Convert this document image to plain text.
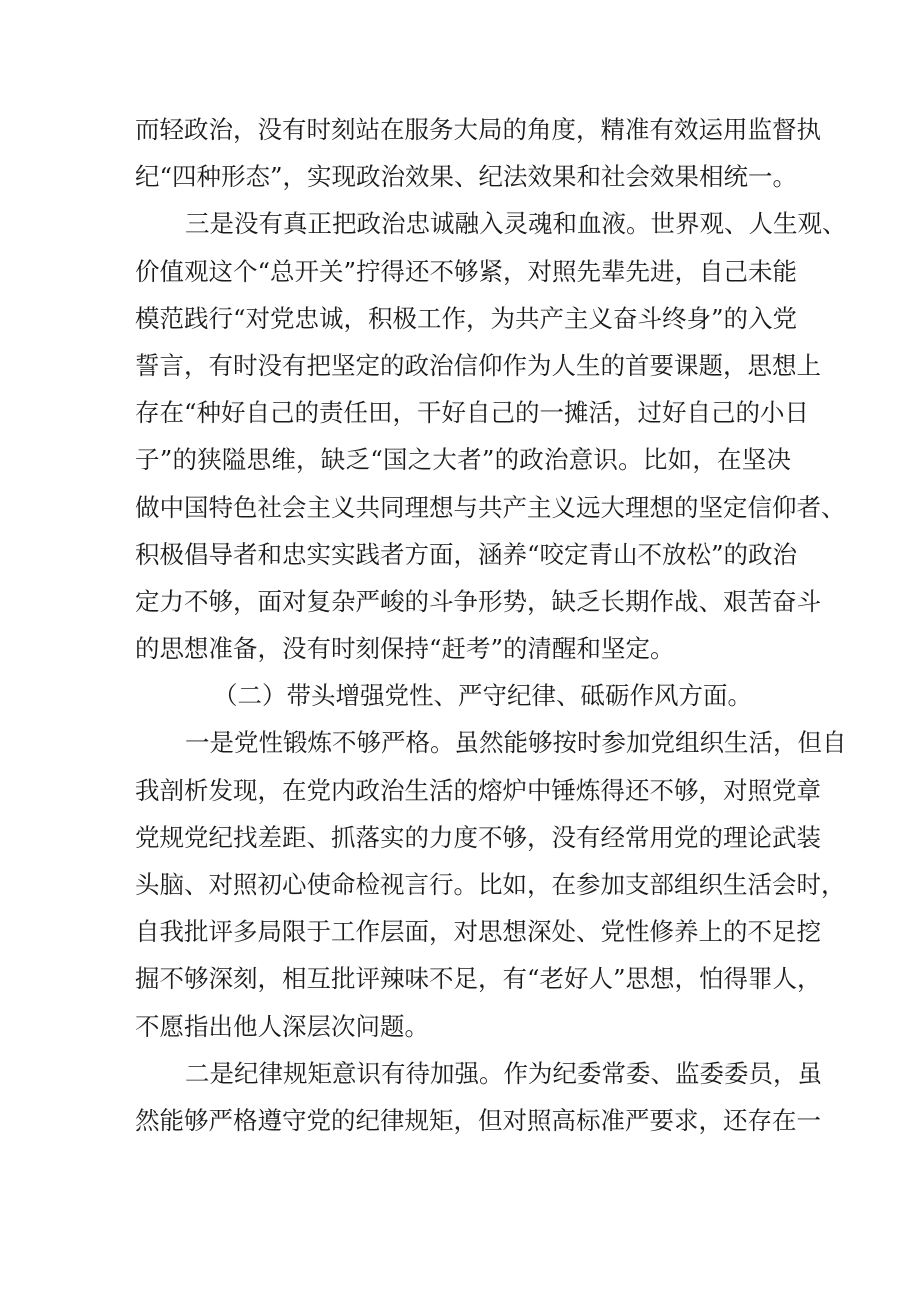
而轻政治，没有时刻站在服务大局的角度，精准有效运用监督执
纪“四种形态”，实现政治效果、纪法效果和社会效果相统一。
三是没有真正把政治忠诚融入灵魂和血液。世界观、人生观、
价值观这个“总开关”拧得还不够紧，对照先辈先进，自己未能
模范践行“对党忠诚，积极工作，为共产主义奋斗终身”的入党
誓言，有时没有把坚定的政治信仰作为人生的首要课题，思想上
存在“种好自己的责任田，干好自己的一摊活，过好自己的小日
子”的狭隘思维，缺乏“国之大者”的政治意识。比如，在坚决
做中国特色社会主义共同理想与共产主义远大理想的坚定信仰者、
积极倡导者和忠实实践者方面，涵养“咬定青山不放松”的政治
定力不够，面对复杂严峻的斗争形势，缺乏长期作战、艰苦奋斗
的思想准备，没有时刻保持“赶考”的清醒和坚定。
（二）带头增强党性、严守纪律、砥砺作风方面。
一是党性锻炼不够严格。虽然能够按时参加党组织生活，但自
我剖析发现，在党内政治生活的熔炉中锤炼得还不够，对照党章
党规党纪找差距、抓落实的力度不够，没有经常用党的理论武装
头脑、对照初心使命检视言行。比如，在参加支部组织生活会时，
自我批评多局限于工作层面，对思想深处、党性修养上的不足挖
掘不够深刻，相互批评辣味不足，有“老好人”思想，怕得罪人，
不愿指出他人深层次问题。
二是纪律规矩意识有待加强。作为纪委常委、监委委员，虽
然能够严格遵守党的纪律规矩，但对照高标准严要求，还存在一
